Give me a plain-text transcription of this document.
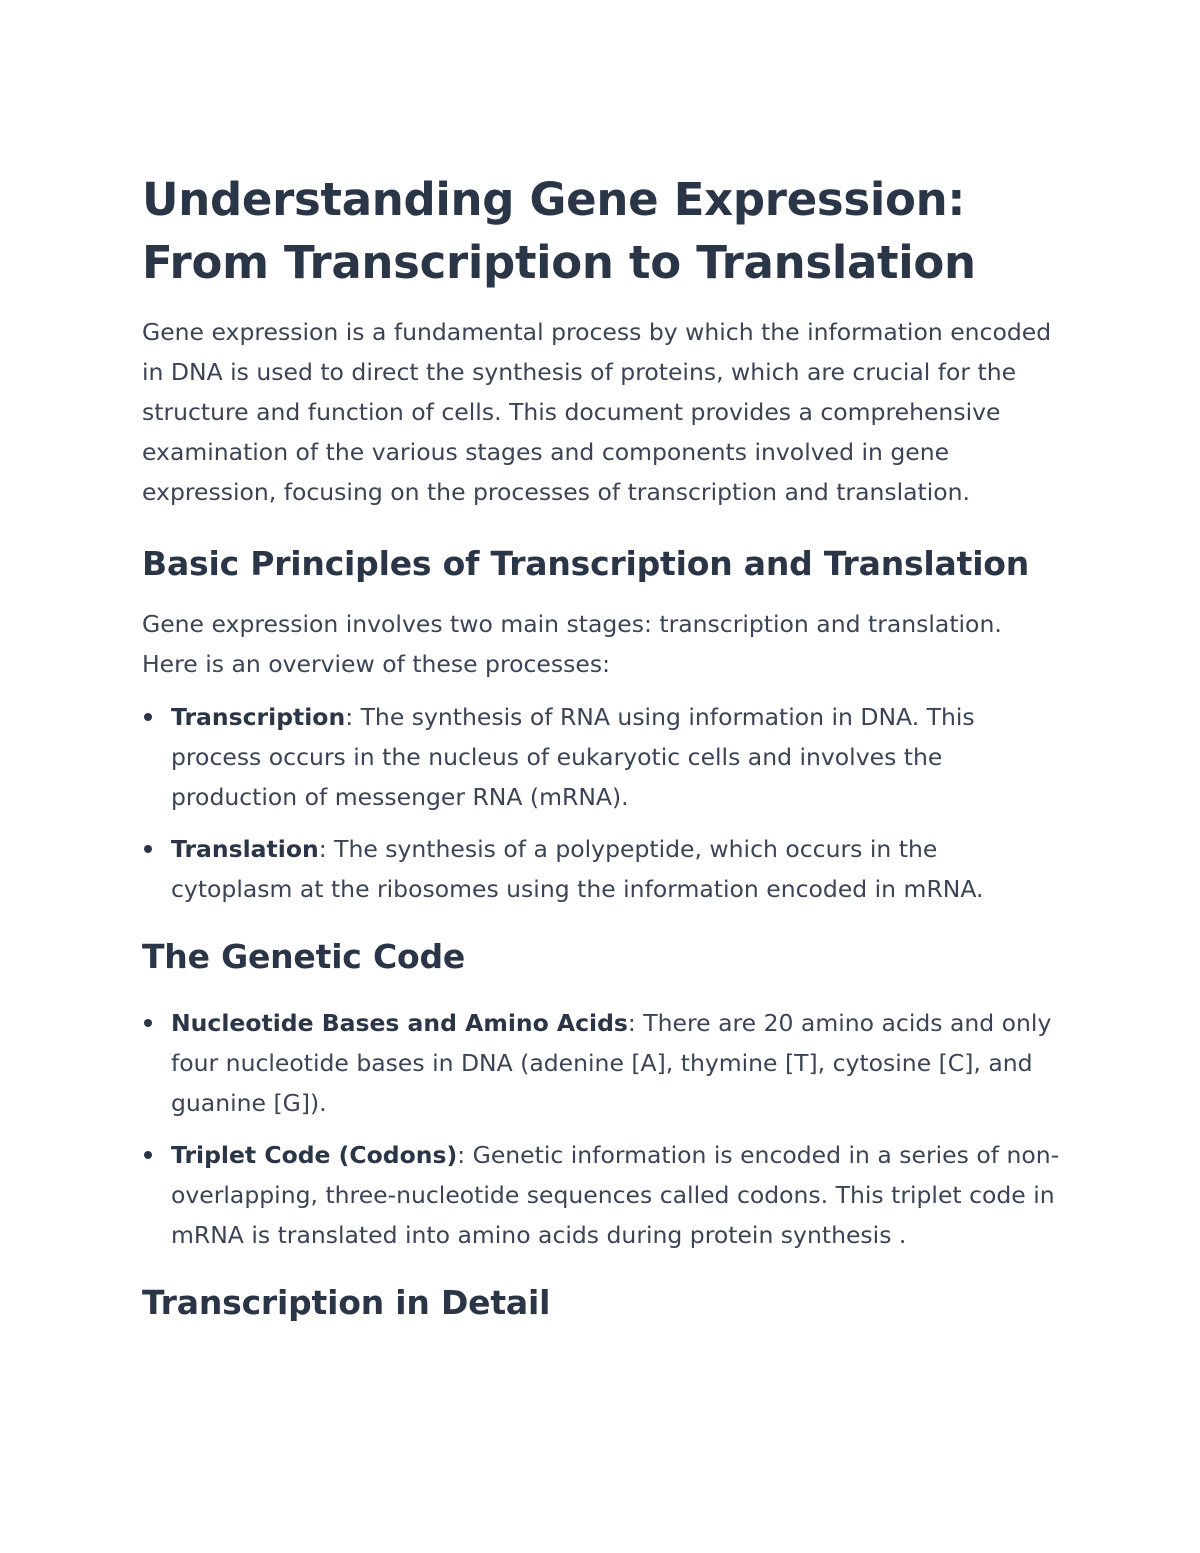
Understanding Gene Expression: From Transcription to Translation

Gene expression is a fundamental process by which the information encoded in DNA is used to direct the synthesis of proteins, which are crucial for the structure and function of cells. This document provides a comprehensive examination of the various stages and components involved in gene expression, focusing on the processes of transcription and translation.

Basic Principles of Transcription and Translation

Gene expression involves two main stages: transcription and translation. Here is an overview of these processes:

Transcription: The synthesis of RNA using information in DNA. This process occurs in the nucleus of eukaryotic cells and involves the production of messenger RNA (mRNA).
Translation: The synthesis of a polypeptide, which occurs in the cytoplasm at the ribosomes using the information encoded in mRNA.
The Genetic Code
Nucleotide Bases and Amino Acids: There are 20 amino acids and only four nucleotide bases in DNA (adenine [A], thymine [T], cytosine [C], and guanine [G]).
Triplet Code (Codons): Genetic information is encoded in a series of non-overlapping, three-nucleotide sequences called codons. This triplet code in mRNA is translated into amino acids during protein synthesis .
Transcription in Detail
